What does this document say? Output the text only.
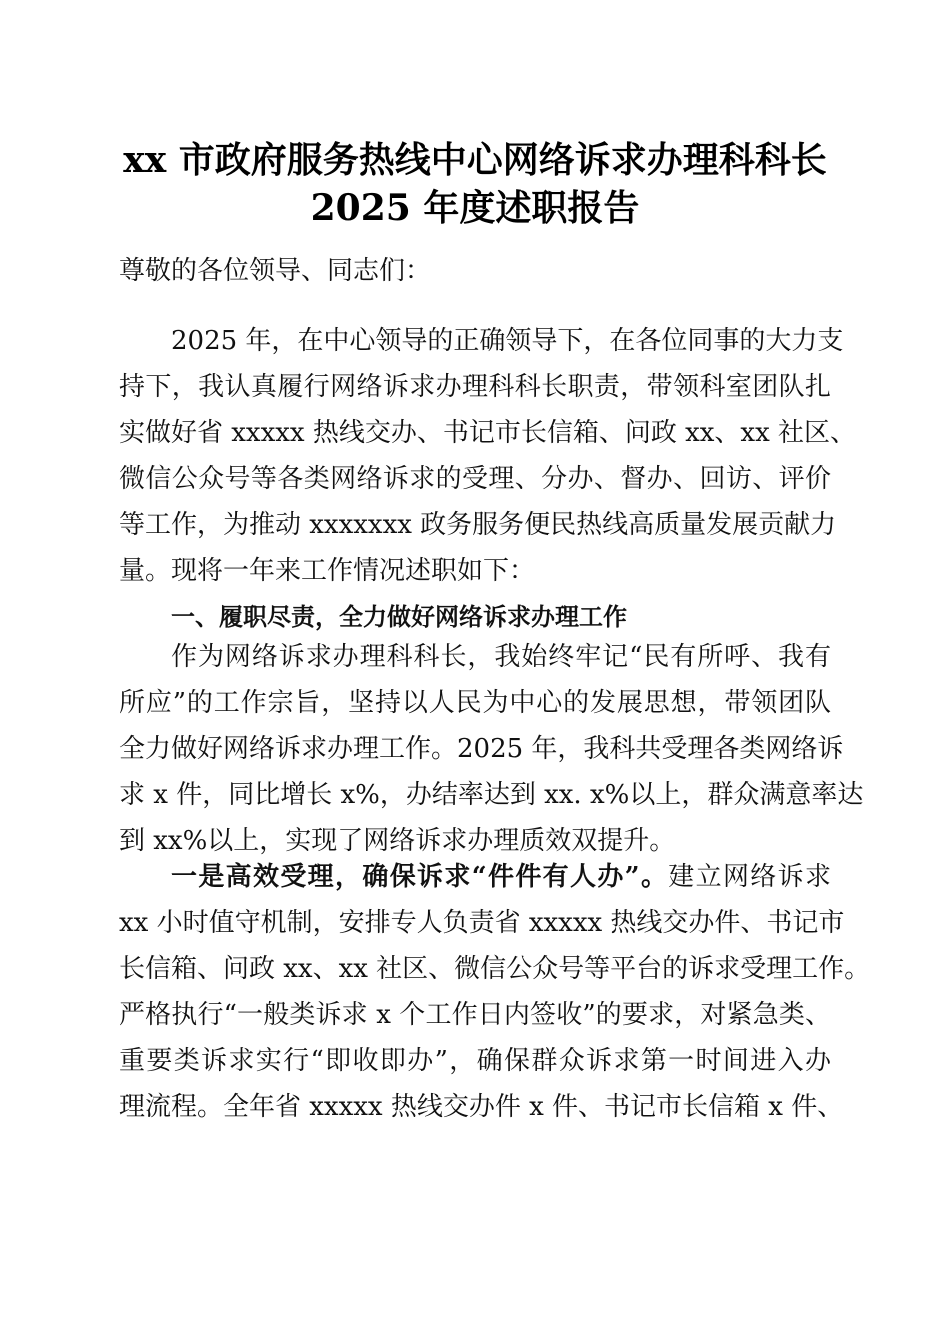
xx 市政府服务热线中心网络诉求办理科科长
2025 年度述职报告
尊敬的各位领导、同志们：
2025 年，在中心领导的正确领导下，在各位同事的大力支
持下，我认真履行网络诉求办理科科长职责，带领科室团队扎
实做好省 xxxxx 热线交办、书记市长信箱、问政 xx、xx 社区、
微信公众号等各类网络诉求的受理、分办、督办、回访、评价
等工作，为推动 xxxxxxx 政务服务便民热线高质量发展贡献力
量。现将一年来工作情况述职如下：
一、履职尽责，全力做好网络诉求办理工作
作为网络诉求办理科科长，我始终牢记“民有所呼、我有
所应”的工作宗旨，坚持以人民为中心的发展思想，带领团队
全力做好网络诉求办理工作。2025 年，我科共受理各类网络诉
求 x 件，同比增长 x%，办结率达到 xx. x%以上，群众满意率达
到 xx%以上，实现了网络诉求办理质效双提升。
一是高效受理，确保诉求“件件有人办”。建立网络诉求
xx 小时值守机制，安排专人负责省 xxxxx 热线交办件、书记市
长信箱、问政 xx、xx 社区、微信公众号等平台的诉求受理工作。
严格执行“一般类诉求 x 个工作日内签收”的要求，对紧急类、
重要类诉求实行“即收即办”，确保群众诉求第一时间进入办
理流程。全年省 xxxxx 热线交办件 x 件、书记市长信箱 x 件、
